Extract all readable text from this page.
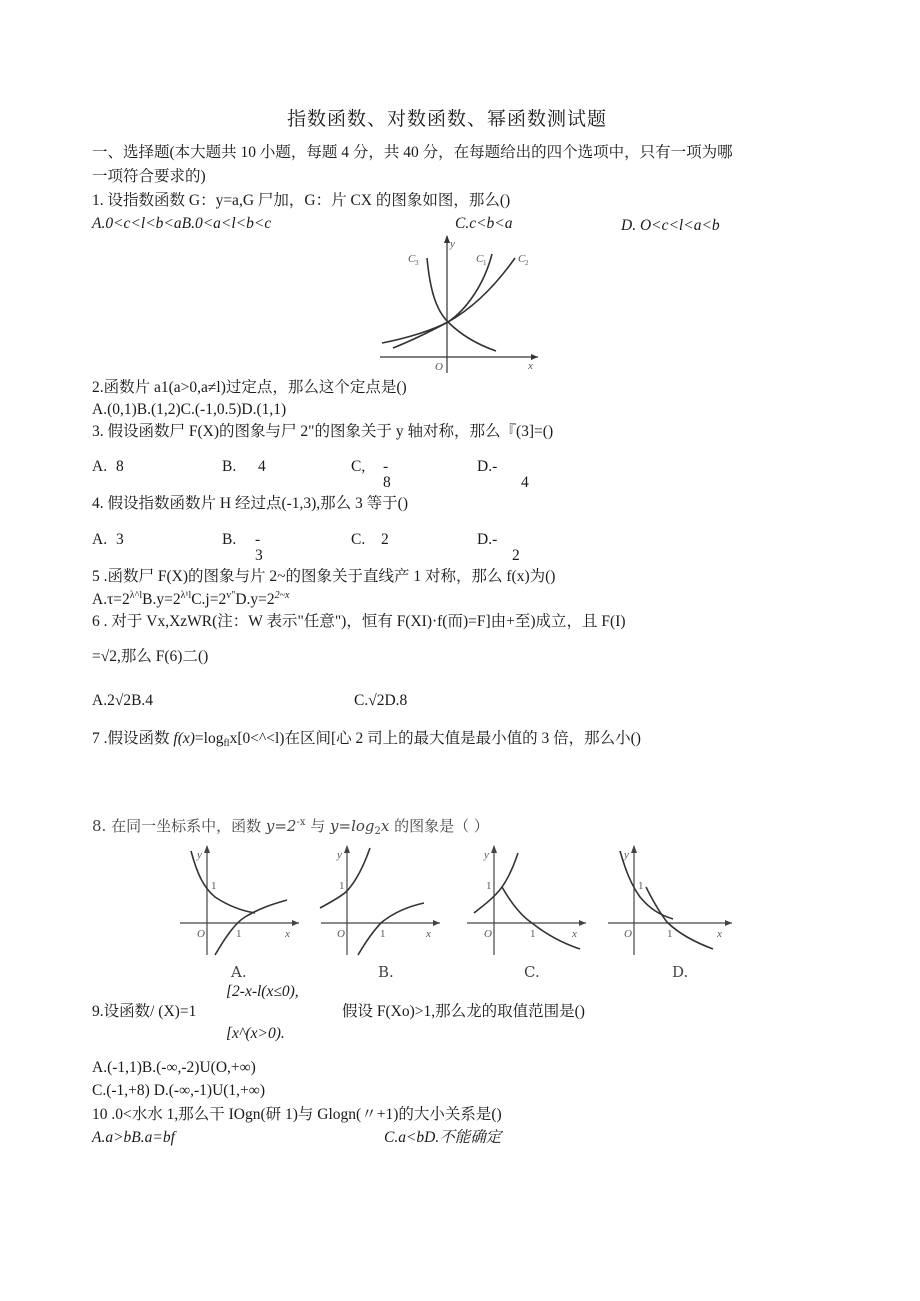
指数函数、对数函数、幂函数测试题
一、选择题(本大题共 10 小题，每题 4 分，共 40 分，在每题给出的四个选项中，只有一项为哪
一项符合要求的)
1. 设指数函数 G：y=a,G 尸加，G：片 CX 的图象如图，那么()
A.0<c<l<b<aB.0<a<l<b<c	C.c<b<a	D. O<c<l<a<b
y
x
O
C 3	C 1	C 2
2.函数片 a1(a>0,a≠l)过定点，那么这个定点是()
A.(0,1)B.(1,2)C.(-1,0.5)D.(1,1)
3. 假设函数尸 F(X)的图象与尸 2"的图象关于 y 轴对称，那么『(3]=()
A. 8	B. 4	C, -
8
D.-
4
4. 假设指数函数片 H 经过点(-1,3),那么 3 等于()
A. 3	B. -
3
C. 2	D.-
2
5 .函数尸 F(X)的图象与片 2~的图象关于直线产 1 对称，那么 f(x)为()
$A.\tau=2^{\lambda\^{}l}B.y=2^{\lambda^1l}C.j=2^{v"}D.y=2^{2\sim x}$
6 . 对于 Vx,XzWR(注：W 表示"任意")，恒有 F(XI)·f(而)=F]由+至)成立，且 F(I)
=√2,那么 F(6)二()
A.2√2B.4	C.√2D.8
7 .假设函数 $f(x)=\log_{fl}x[0<\^{}<l)$在区间[心 2 司上的最大值是最小值的 3 倍，那么小()
8. 在同一坐标系中，函数 $y=2^{-x}$ 与 $y=\log_2x$ 的图象是（ ）
y
x
O
1
1
y
x
O
1
1
y
x
O
1
1
y
x
O
1
1
A.	B.	C.	D.
[2-x-l(x≤0),
9.设函数/ (X)=1	假设 F(Xo)>1,那么龙的取值范围是()
[x^(x>0).
A.(-1,1)B.(-∞,-2)U(O,+∞)
C.(-1,+8) D.(-∞,-1)U(1,+∞)
10 .0<水水 1,那么干 IOgn(研 1)与 Glogn(〃+1)的大小关系是()
A.a>bB.a=bf	C.a<bD.不能确定
